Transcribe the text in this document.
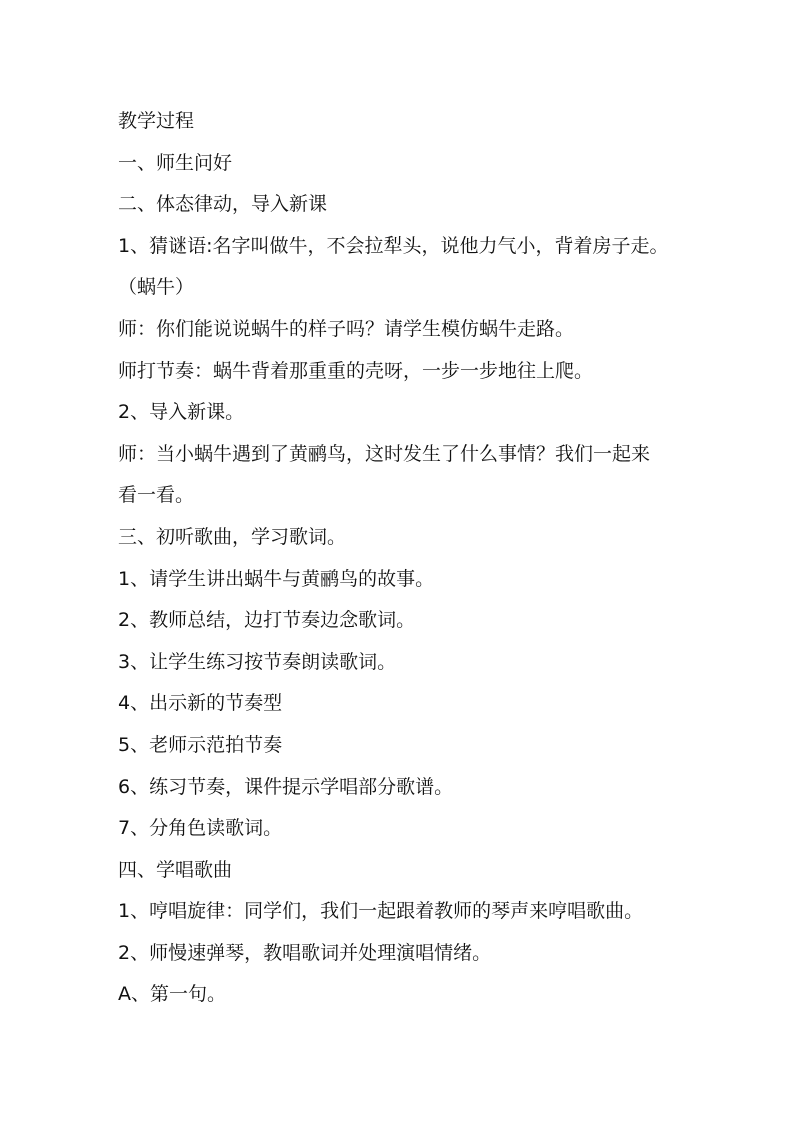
教学过程

一、师生问好

二、体态律动，导入新课

1、猜谜语:名字叫做牛，不会拉犁头，说他力气小，背着房子走。

（蜗牛）

师：你们能说说蜗牛的样子吗？请学生模仿蜗牛走路。

师打节奏：蜗牛背着那重重的壳呀，一步一步地往上爬。

2、导入新课。

师：当小蜗牛遇到了黄鹂鸟，这时发生了什么事情？我们一起来

看一看。

三、初听歌曲，学习歌词。

1、请学生讲出蜗牛与黄鹂鸟的故事。

2、教师总结，边打节奏边念歌词。

3、让学生练习按节奏朗读歌词。

4、出示新的节奏型

5、老师示范拍节奏

6、练习节奏，课件提示学唱部分歌谱。

7、分角色读歌词。

四、学唱歌曲

1、哼唱旋律：同学们，我们一起跟着教师的琴声来哼唱歌曲。

2、师慢速弹琴，教唱歌词并处理演唱情绪。

A、第一句。
